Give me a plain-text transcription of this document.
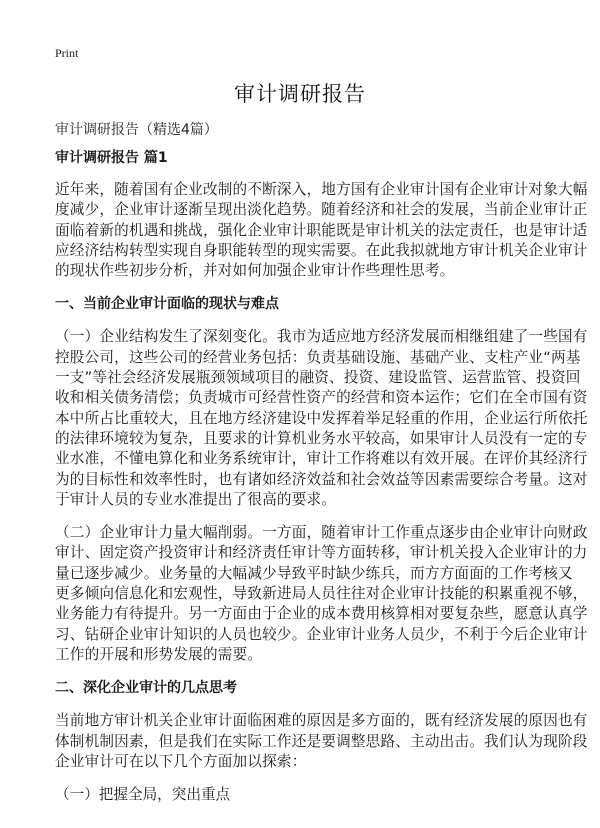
Print
审计调研报告
审计调研报告（精选4篇）
审计调研报告 篇1

近年来，随着国有企业改制的不断深入，地方国有企业审计国有企业审计对象大幅
度减少，企业审计逐渐呈现出淡化趋势。随着经济和社会的发展，当前企业审计正
面临着新的机遇和挑战，强化企业审计职能既是审计机关的法定责任，也是审计适
应经济结构转型实现自身职能转型的现实需要。在此我拟就地方审计机关企业审计
的现状作些初步分析，并对如何加强企业审计作些理性思考。

一、当前企业审计面临的现状与难点

（一）企业结构发生了深刻变化。我市为适应地方经济发展而相继组建了一些国有
控股公司，这些公司的经营业务包括：负责基础设施、基础产业、支柱产业“两基
一支”等社会经济发展瓶颈领域项目的融资、投资、建设监管、运营监管、投资回
收和相关债务清偿；负责城市可经营性资产的经营和资本运作；它们在全市国有资
本中所占比重较大，且在地方经济建设中发挥着举足轻重的作用，企业运行所依托
的法律环境较为复杂，且要求的计算机业务水平较高，如果审计人员没有一定的专
业水准，不懂电算化和业务系统审计，审计工作将难以有效开展。在评价其经济行
为的目标性和效率性时，也有诸如经济效益和社会效益等因素需要综合考量。这对
于审计人员的专业水准提出了很高的要求。

（二）企业审计力量大幅削弱。一方面，随着审计工作重点逐步由企业审计向财政
审计、固定资产投资审计和经济责任审计等方面转移，审计机关投入企业审计的力
量已逐步减少。业务量的大幅减少导致平时缺少练兵，而方方面面的工作考核又
更多倾向信息化和宏观性，导致新进局人员往往对企业审计技能的积累重视不够，
业务能力有待提升。另一方面由于企业的成本费用核算相对要复杂些，愿意认真学
习、钻研企业审计知识的人员也较少。企业审计业务人员少，不利于今后企业审计
工作的开展和形势发展的需要。

二、深化企业审计的几点思考

当前地方审计机关企业审计面临困难的原因是多方面的，既有经济发展的原因也有
体制机制因素，但是我们在实际工作还是要调整思路、主动出击。我们认为现阶段
企业审计可在以下几个方面加以探索：

（一）把握全局，突出重点
